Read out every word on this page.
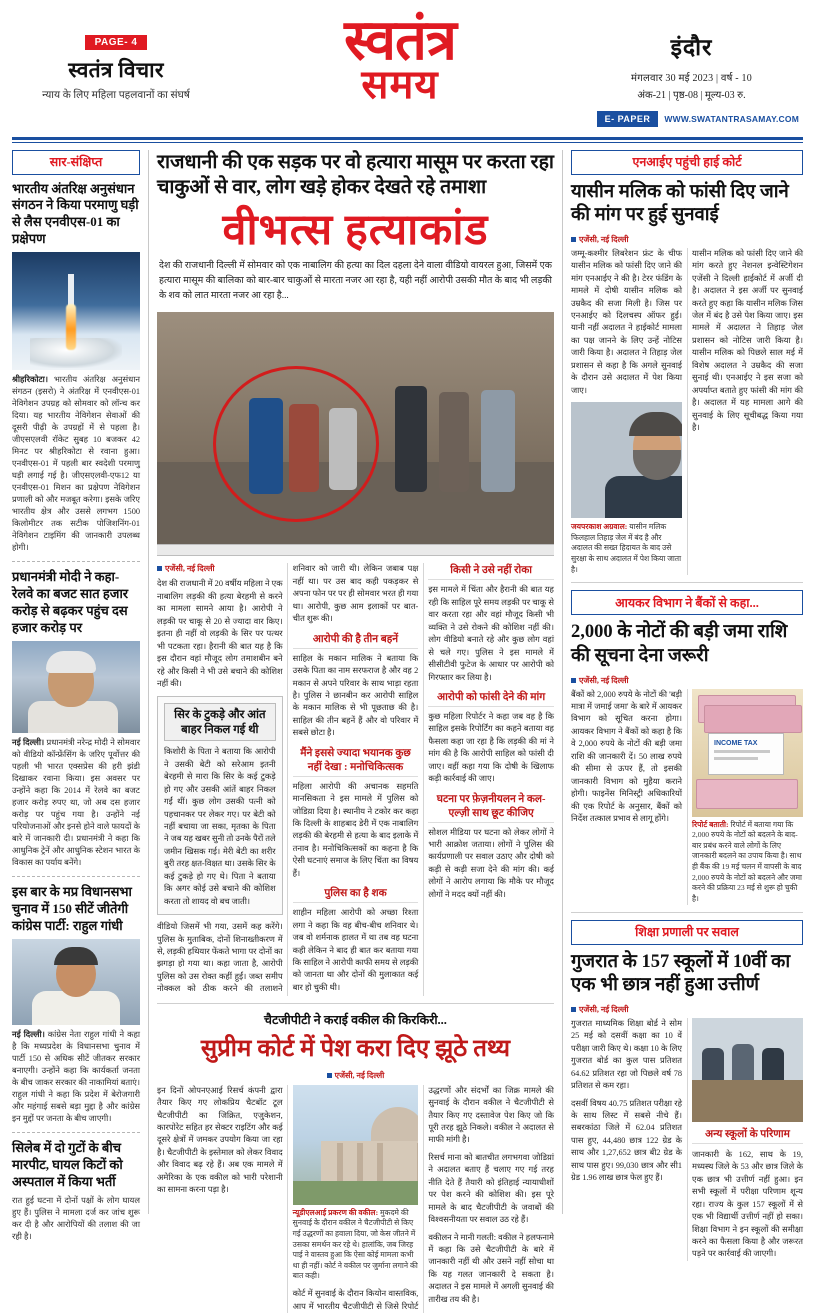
PAGE- 4
स्वतंत्र विचार
न्याय के लिए महिला पहलवानों का संघर्ष
स्वतंत्र
समय
इंदौर
मंगलवार 30 मई 2023 | वर्ष - 10
अंक-21 | पृष्ठ-08 | मूल्य-03 रु.
E- PAPER	WWW.SWATANTRASAMAY.COM
सार-संक्षिप्त
भारतीय अंतरिक्ष अनुसंधान संगठन ने किया परमाणु घड़ी से लैस एनवीएस-01 का प्रक्षेपण
श्रीहरिकोटा। भारतीय अंतरिक्ष अनुसंधान संगठन (इसरो) ने अंतरिक्ष में एनवीएस-01 नेविगेशन उपग्रह को सोमवार को लॉन्च कर दिया। यह भारतीय नेविगेशन सेवाओं की दूसरी पीढ़ी के उपग्रहों में से पहला है। जीएसएलवी रॉकेट सुबह 10 बजकर 42 मिनट पर श्रीहरिकोटा से रवाना हुआ। एनवीएस-01 में पहली बार स्वदेशी परमाणु घड़ी लगाई गई है। जीएसएलवी-एफ12 या एनवीएस-01 मिशन का प्रक्षेपण नेविगेशन प्रणाली को और मजबूत करेगा। इसके जरिए भारतीय क्षेत्र और उससे लगभग 1500 किलोमीटर तक सटीक पोजिशनिंग-01 नेविगेशन टाइमिंग की जानकारी उपलब्ध होगी।
प्रधानमंत्री मोदी ने कहा- रेलवे का बजट सात हजार करोड़ से बढ़कर पहुंच दस हजार करोड़ पर
नई दिल्ली। प्रधानमंत्री नरेन्द्र मोदी ने सोमवार को वीडियो कॉन्फ्रेंसिंग के जरिए पूर्वोत्तर की पहली भी भारत एक्सप्रेस की हरी झंडी दिखाकर रवाना किया। इस अवसर पर उन्होंने कहा कि 2014 में रेलवे का बजट हजार करोड़ रुपए था, जो अब दस हजार करोड़ पर पहुंच गया है। उन्होंने नई परियोजनाओं और इनसे होने वाले फायदों के बारे में जानकारी दी। प्रधानमंत्री ने कहा कि आधुनिक ट्रेनें और आधुनिक स्टेशन भारत के विकास का पर्याय बनेंगे।
इस बार के मप्र विधानसभा चुनाव में 150 सीटें जीतेगी कांग्रेस पार्टी: राहुल गांधी
नई दिल्ली। कांग्रेस नेता राहुल गांधी ने कहा है कि मध्यप्रदेश के विधानसभा चुनाव में पार्टी 150 से अधिक सीटें जीतकर सरकार बनाएगी। उन्होंने कहा कि कार्यकर्ता जनता के बीच जाकर सरकार की नाकामियां बताएं। राहुल गांधी ने कहा कि प्रदेश में बेरोजगारी और महंगाई सबसे बड़ा मुद्दा है और कांग्रेस इन मुद्दों पर जनता के बीच जाएगी।
सिलेब में दो गुटों के बीच मारपीट, घायल किटों को अस्पताल में किया भर्ती
रात हुई घटना में दोनों पक्षों के लोग घायल हुए हैं। पुलिस ने मामला दर्ज कर जांच शुरू कर दी है और आरोपियों की तलाश की जा रही है।
राजधानी की एक सड़क पर वो हत्यारा मासूम पर करता रहा चाकुओं से वार, लोग खड़े होकर देखते रहे तमाशा
वीभत्स हत्याकांड
देश की राजधानी दिल्ली में सोमवार को एक नाबालिग की हत्या का दिल दहला देने वाला वीडियो वायरल हुआ, जिसमें एक हत्यारा मासूम की बालिका को बार-बार चाकुओं से मारता नजर आ रहा है, यही नहीं आरोपी उसकी मौत के बाद भी लड़की के शव को लात मारता नजर आ रहा है...
एजेंसी, नई दिल्ली
देश की राजधानी में 20 वर्षीय महिला ने एक नाबालिग लड़की की हत्या बेरहमी से करने का मामला सामने आया है। आरोपी ने लड़की पर चाकू से 20 से ज्यादा वार किए। इतना ही नहीं वो लड़की के सिर पर पत्थर भी पटकता रहा। हैरानी की बात यह है कि इस दौरान वहां मौजूद लोग तमाशबीन बने रहे और किसी ने भी उसे बचाने की कोशिश नहीं की।
सिर के टुकड़े और आंत बाहर निकल गई थी
किशोरी के पिता ने बताया कि आरोपी ने उसकी बेटी को सरेआम इतनी बेरहमी से मारा कि सिर के कई टुकड़े हो गए और उसकी आंतें बाहर निकल गईं थीं। कुछ लोग उसकी पत्नी को पहचानकर पर लेकर गए। पर बेटी को नहीं बचाया जा सका, मृतका के पिता ने जब यह खबर सुनी तो उनके पैरों तले जमीन खिसक गई। मेरी बेटी का शरीर बुरी तरह क्षत-विक्षत था। उसके सिर के कई टुकड़े हो गए थे। पिता ने बताया कि अगर कोई उसे बचाने की कोशिश करता तो शायद वो बच जाती।
वीडियो जिसमें भी गया, उसमें कह करेंगे। पुलिस के मुताबिक, दोनों शिनाख्तीकरण में से, लड़की हथियार फेंकते भागा पर दोनों का झगड़ा हो गया था। कहा जाता है, आरोपी पुलिस को उस रोक्त कहीं हुईं। जब्त समीप नोक्कल को ठीक करने की तलाशने शनिवार को जारी थी। लेकिन जबाब पक्ष नहीं था। पर उस बाद कही पकड़कर से अपना फोन पर पर ही सोमवार भरत ही गया था। आरोपी, कुछ आम इलाकों पर बात-चीत शुरू की।
आरोपी की है तीन बहनें
साहिल के मकान मालिक ने बताया कि उसके पिता का नाम सरफराज है और वह 2 मकान से अपने परिवार के साथ भाड़ा रहता है। पुलिस ने छानबीन कर आरोपी साहिल के मकान मालिक से भी पूछताछ की है। साहिल की तीन बहनें हैं और वो परिवार में सबसे छोटा है।
मैंने इससे ज्यादा भयानक कुछ नहीं देखा : मनोचिकित्सक
महिला आरोपी की अचानक सहमति मानसिकता ने इस मामले में पुलिस को जोडिय़ा दिया है। स्थानीय ने टकोर कर कहा कि दिल्ली के शाहबाद डेरी में एक नाबालिग लड़की की बेरहमी से हत्या के बाद इलाके में तनाव है। मनोचिकित्सकों का कहना है कि ऐसी घटनाएं समाज के लिए चिंता का विषय हैं।
पुलिस का है शक
शाहीन महिला आरोपी को अच्छा रिश्ता लगा ने कहा कि वह बीच-बीच शनिवार थे। जब वो शर्मनाक हालत में था तब वह घटना कही लेकिन ने बाद ही बात कर बताया गया कि साहिल ने आरोपी काफी समय से लड़की को जानता था और दोनों की मुलाकात कई बार हो चुकी थी।
किसी ने उसे नहीं रोका
इस मामले में चिंता और हैरानी की बात यह रही कि साहिल पूरे समय लड़की पर चाकू से वार करता रहा और वहां मौजूद किसी भी व्यक्ति ने उसे रोकने की कोशिश नहीं की। लोग वीडियो बनाते रहे और कुछ लोग वहां से चले गए। पुलिस ने इस मामले में सीसीटीवी फुटेज के आधार पर आरोपी को गिरफ्तार कर लिया है।
आरोपी को फांसी देने की मांग
कुछ महिला रिपोर्टर ने कहा जब वह है कि साहिल इसके रिपोर्टिंग का कहने बताया वह फैसला कहा जा रहा है कि लड़की की मां ने मांग की है कि आरोपी साहिल को फांसी दी जाए। वहीं कहा गया कि दोषी के खिलाफ कड़ी कार्रवाई की जाए।
घटना पर फ़ेज़नीयलन ने कल-एल्ज़ी साथ छूट कीजिए
सोशल मीडिया पर घटना को लेकर लोगों ने भारी आक्रोश जताया। लोगों ने पुलिस की कार्यप्रणाली पर सवाल उठाए और दोषी को कड़ी से कड़ी सजा देने की मांग की। कई लोगों ने आरोप लगाया कि मौके पर मौजूद लोगों ने मदद क्यों नहीं की।
चैटजीपीटी ने कराई वकील की किरकिरी...
सुप्रीम कोर्ट में पेश करा दिए झूठे तथ्य
एजेंसी, नई दिल्ली
इन दिनों ओपनएआई रिसर्च कंपनी द्वारा तैयार किए गए लोकप्रिय चैटबॉट टूल चैटजीपीटी का जिक्रित, एजुकेशन, कारपोरेट सहित हर सेक्टर राइटिंग और कई दूसरे क्षेत्रों में जमकर उपयोग किया जा रहा है। चैटजीपीटी के इस्तेमाल को लेकर विवाद और विवाद बढ़ रहे हैं। अब एक मामले में अमेरिका के एक वकील को भारी परेशानी का सामना करना पड़ा है।
न्यूडीएलआई प्रकरण की वकील: मुकदमे की सुनवाई के दौरान वकील ने चैटजीपीटी से किए गई उद्धरणों का हवाला दिया, जो केस जीतने में उसका समर्थन कर रहे थे। हालांकि, जब जिरह पाई ने वास्तव हुआ कि ऐसा कोई मामला कभी था ही नहीं। कोर्ट ने वकील पर जुर्माना लगाने की बात कही।
कोर्ट में सुनवाई के दौरान कियोन वास्तविक, आप में भारतीय चैटजीपीटी से जिसे रिपोर्ट उद्धरणों और संदर्भों का जिक्र मामले की सुनवाई के दौरान वकील ने चैटजीपीटी से तैयार किए गए दस्तावेज पेश किए जो कि पूरी तरह झूठे निकले। वकील ने अदालत से माफी मांगी है।
रिसर्च माना को बातचीत लगभगवा जोडिय़ां ने अदालत बताए हैं चलाए गए गई तरह नीति देते हैं तैयारी को इंतिहाई न्यायाधीशों पर पेश करने की कोशिश की। इस पूरे मामले के बाद चैटजीपीटी के जवाबों की विश्वसनीयता पर सवाल उठ रहे हैं।
वकीलन ने मानी गलती: वकील ने हलफनामे में कहा कि उसे चैटजीपीटी के बारे में जानकारी नहीं थी और उसने नहीं सोचा था कि यह गलत जानकारी दे सकता है। अदालत ने इस मामले में अगली सुनवाई की तारीख तय की है।
एनआईए पहुंची हाई कोर्ट
यासीन मलिक को फांसी दिए जाने की मांग पर हुई सुनवाई
एजेंसी, नई दिल्ली
जम्मू-कश्मीर लिबरेशन फ्रंट के चीफ यासीन मलिक को फांसी दिए जाने की मांग एनआईए ने की है। टेरर फंडिंग के मामले में दोषी यासीन मलिक को उम्रकैद की सजा मिली है। जिस पर एनआईए को दिलचस्प ऑफर हुई। यानी नहीं अदालत ने हाईकोर्ट मामला का पक्ष जानने के लिए उन्हें नोटिस जारी किया है। अदालत ने तिहाड़ जेल प्रशासन से कहा है कि अगले सुनवाई के दौरान उसे अदालत में पेश किया जाए।
जयपरकाश अग्रवाल: यासीन मलिक फिलहाल तिहाड़ जेल में बंद है और अदालत की सख्त हिदायत के बाद उसे सुरक्षा के साथ अदालत में पेश किया जाता है।
यासीन मलिक को फांसी दिए जाने की मांग करते हुए नेशनल इन्वेस्टिगेशन एजेंसी ने दिल्ली हाईकोर्ट में अर्जी दी है। अदालत ने इस अर्जी पर सुनवाई करते हुए कहा कि यासीन मलिक जिस जेल में बंद है उसे पेश किया जाए। इस मामले में अदालत ने तिहाड़ जेल प्रशासन को नोटिस जारी किया है। यासीन मलिक को पिछले साल मई में विशेष अदालत ने उम्रकैद की सजा सुनाई थी। एनआईए ने इस सजा को अपर्याप्त बताते हुए फांसी की मांग की है। अदालत में यह मामला आगे की सुनवाई के लिए सूचीबद्ध किया गया है।
आयकर विभाग ने बैंकों से कहा...
2,000 के नोटों की बड़ी जमा राशि की सूचना देना जरूरी
एजेंसी, नई दिल्ली
बैंकों को 2,000 रुपये के नोटों की 'बड़ी मात्रा में जमाई जमा' के बारे में आयकर विभाग को सूचित करना होगा। आयकर विभाग ने बैंकों को कहा है कि वे 2,000 रुपये के नोटों की बड़ी जमा राशि की जानकारी दें। 50 लाख रुपये की सीमा से ऊपर हैं, तो इसकी जानकारी विभाग को मुहैया कराने होगी। फाइनेंस मिनिस्ट्री अधिकारियों की एक रिपोर्ट के अनुसार, बैंकों को निर्देश तत्काल प्रभाव से लागू होंगे।
INCOME TAX
रिपोर्ट बताती: रिपोर्ट में बताया गया कि 2,000 रुपये के नोटों को बदलने के बाद-बार प्रबंध करने वाले लोगों के लिए जानकारी बदलने का उपाय किया है। साथ ही बैंक की 19 मई चलन में वापसी के बाद 2,000 रुपये के नोटों को बदलने और जमा करने की प्रक्रिया 23 मई से शुरू हो चुकी है।
शिक्षा प्रणाली पर सवाल
गुजरात के 157 स्कूलों में 10वीं का एक भी छात्र नहीं हुआ उत्तीर्ण
एजेंसी, नई दिल्ली
गुजरात माध्यमिक शिक्षा बोर्ड ने सोम 25 मई को दसवीं कक्षा का 10 वें परीक्षा जारी किए थे। कक्षा 10 के लिए गुजरात बोर्ड का कुल पास प्रतिशत 64.62 प्रतिशत रहा जो पिछले वर्ष 78 प्रतिशत से कम रहा।
दसवीं विषय 40.75 प्रतिशत परीक्षा रहे के साथ लिस्ट में सबसे नीचे हैं। सबरकांठा जिले में 62.04 प्रतिशत पास हुए, 44,480 छात्र 122 ग्रेड के साथ और 1,27,652 छात्र बी2 ग्रेड के साथ पास हुए। 99,030 छात्र और सी1 ग्रेड 1.96 लाख छात्र फेल हुए हैं।
अन्य स्कूलों के परिणाम
जानकारी के 162, साथ के 19, मध्यस्थ जिले के 53 और छात्र जिले के एक छात्र भी उत्तीर्ण नहीं हुआ। इन सभी स्कूलों में परीक्षा परिणाम शून्य रहा। राज्य के कुल 157 स्कूलों में से एक भी विद्यार्थी उत्तीर्ण नहीं हो सका। शिक्षा विभाग ने इन स्कूलों की समीक्षा करने का फैसला किया है और जरूरत पड़ने पर कार्रवाई की जाएगी।
